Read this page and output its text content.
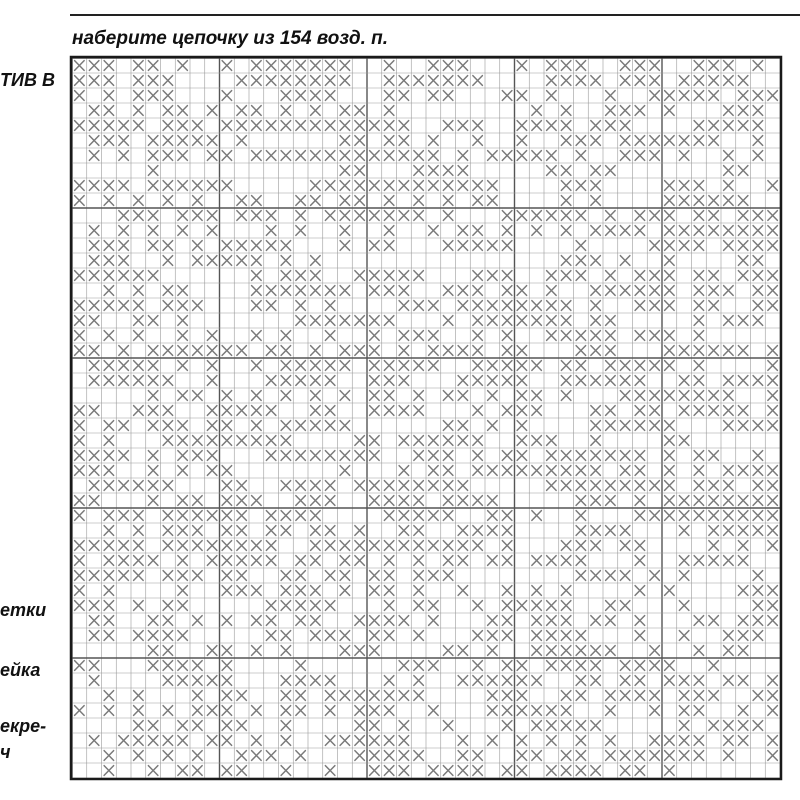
наберите цепочку из 154 возд. п.
ТИВ В
етки
ейка
екре-
ч
